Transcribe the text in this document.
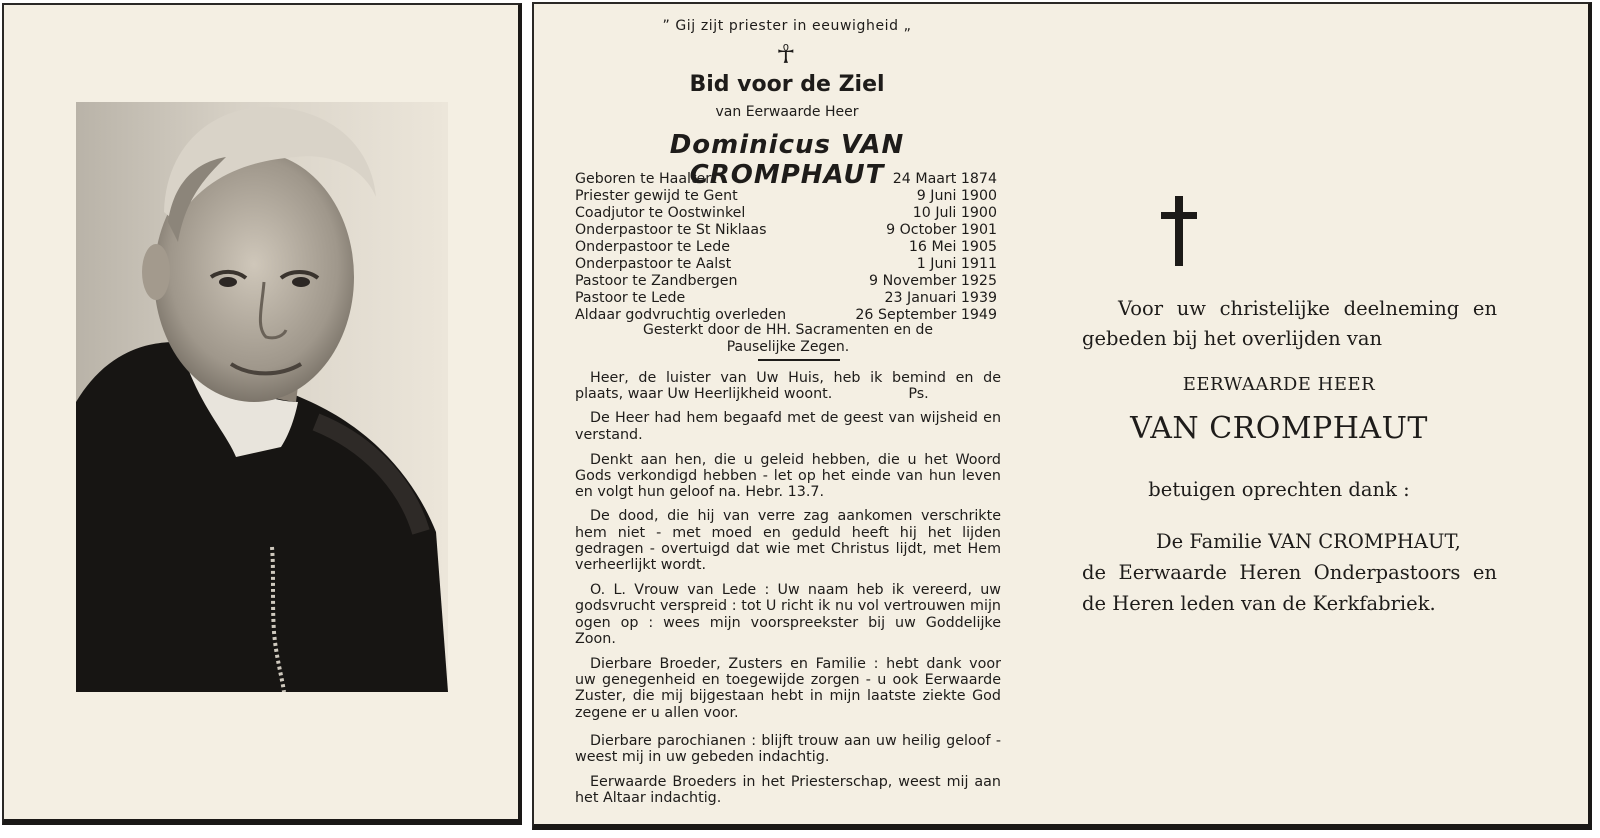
” Gij zijt priester in eeuwigheid „
☥
Bid voor de Ziel
van Eerwaarde Heer
Dominicus VAN CROMPHAUT
Geboren te Haaltert	24 Maart 1874
Priester gewijd te Gent	9 Juni 1900
Coadjutor te Oostwinkel	10 Juli 1900
Onderpastoor te St Niklaas	9 October 1901
Onderpastoor te Lede	16 Mei 1905
Onderpastoor te Aalst	1 Juni 1911
Pastoor te Zandbergen	9 November 1925
Pastoor te Lede	23 Januari 1939
Aldaar godvruchtig overleden	26 September 1949
Gesterkt door de HH. Sacramenten en de
Pauselijke Zegen.

Heer, de luister van Uw Huis, heb ik bemind en de plaats, waar Uw Heerlijkheid woont.      Ps.

De Heer had hem begaafd met de geest van wijsheid en verstand.

Denkt aan hen, die u geleid hebben, die u het Woord Gods verkondigd hebben - let op het einde van hun leven en volgt hun geloof na. Hebr. 13.7.

De dood, die hij van verre zag aankomen verschrikte hem niet - met moed en geduld heeft hij het lijden gedragen - overtuigd dat wie met Christus lijdt, met Hem verheerlijkt wordt.

O. L. Vrouw van Lede : Uw naam heb ik vereerd, uw godsvrucht verspreid : tot U richt ik nu vol vertrouwen mijn ogen op : wees mijn voorspreekster bij uw Goddelijke Zoon.

Dierbare Broeder, Zusters en Familie : hebt dank voor uw genegenheid en toegewijde zorgen - u ook Eerwaarde Zuster, die mij bijgestaan hebt in mijn laatste ziekte God zegene er u allen voor.

Dierbare parochianen : blijft trouw aan uw heilig geloof - weest mij in uw gebeden indachtig.

Eerwaarde Broeders in het Priesterschap, weest mij aan het Altaar indachtig.

Voor uw christelijke deelneming en gebeden bij het overlijden van
EERWAARDE HEER
VAN CROMPHAUT
betuigen oprechten dank :
De Familie VAN CROMPHAUT,
de Eerwaarde Heren Onderpastoors en
de Heren leden van de Kerkfabriek.
